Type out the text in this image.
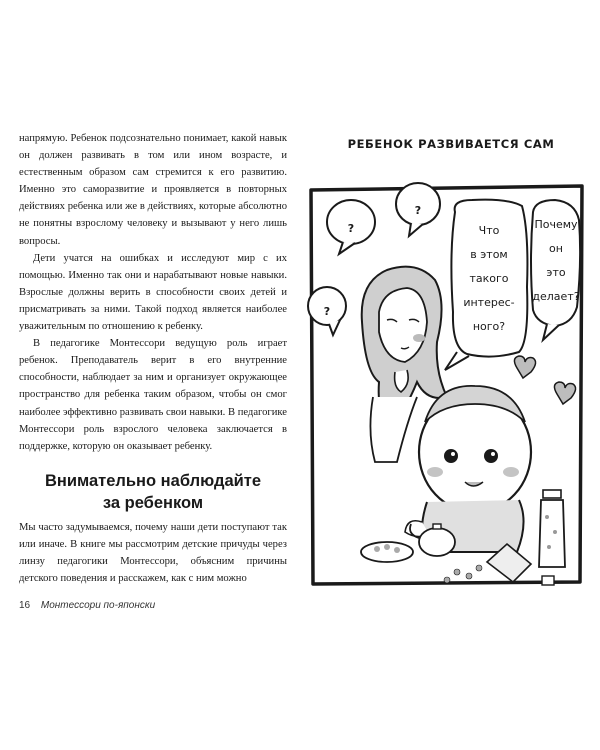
напрямую. Ребенок подсознательно понимает, какой навык он должен развивать в том или ином возрасте, и естественным образом сам стремится к его развитию. Именно это саморазвитие и проявляется в повторных действиях ребенка или же в действиях, которые абсолютно не понятны взрослому человеку и вызывают у него лишь вопросы.

Дети учатся на ошибках и исследуют мир с их помощью. Именно так они и нарабатывают новые навыки. Взрослые должны верить в способности своих детей и присматривать за ними. Такой подход является наиболее уважительным по отношению к ребенку.

В педагогике Монтессори ведущую роль играет ребенок. Преподаватель верит в его внутренние способности, наблюдает за ним и организует окружающее пространство для ребенка таким образом, чтобы он смог наиболее эффективно развивать свои навыки. В педагогике Монтессори роль взрослого человека заключается в поддержке, которую он оказывает ребенку.

Внимательно наблюдайте
за ребенком

Мы часто задумываемся, почему наши дети поступают так или иначе. В книге мы рассмотрим детские причуды через линзу педагогики Монтессори, объясним причины детского поведения и расскажем, как с ним можно

16 Монтессори по-японски
РЕБЕНОК РАЗВИВАЕТСЯ САМ
?
?
?
Что
в этом
такого
интерес-
ного?
Почему
он
это
делает?
